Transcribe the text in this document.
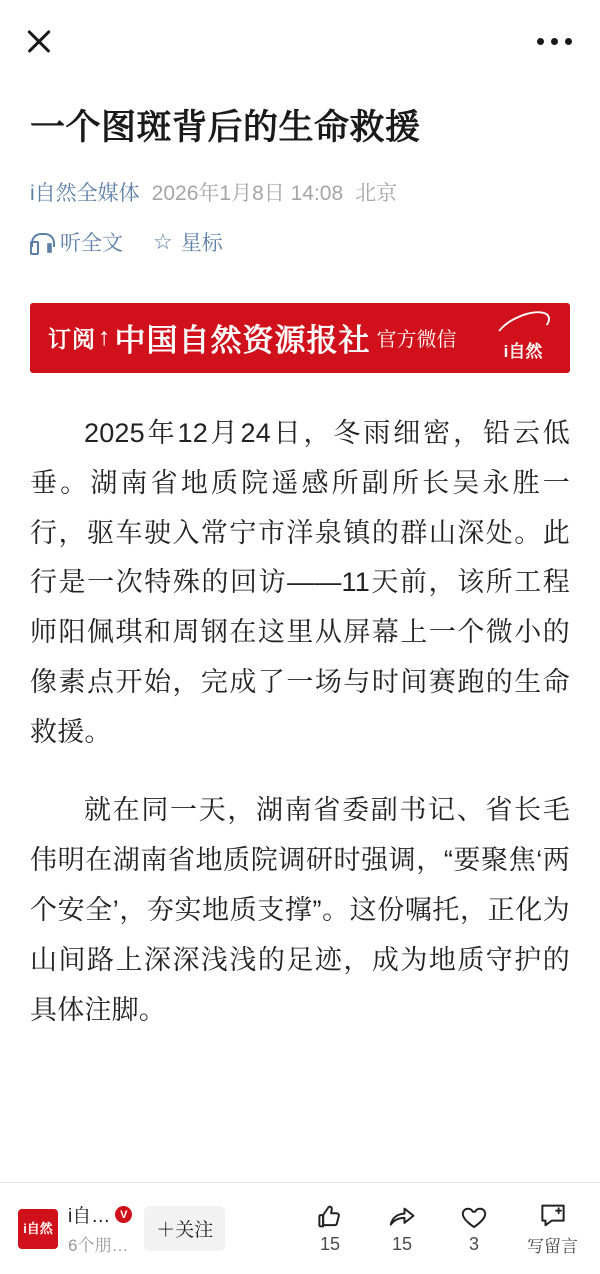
一个图斑背后的生命救援
i自然全媒体 2026年1月8日 14:08 北京
听全文 ☆ 星标
订阅 ↑ 中国自然资源报社 官方微信
i自然

2025年12月24日，冬雨细密，铅云低垂。湖南省地质院遥感所副所长吴永胜一行，驱车驶入常宁市洋泉镇的群山深处。此行是一次特殊的回访——11天前，该所工程师阳佩琪和周钢在这里从屏幕上一个微小的像素点开始，完成了一场与时间赛跑的生命救援。

就在同一天，湖南省委副书记、省长毛伟明在湖南省地质院调研时强调，“要聚焦‘两个安全’，夯实地质支撑”。这份嘱托，正化为山间路上深深浅浅的足迹，成为地质守护的具体注脚。

i自然
i自… V
6个朋…
＋关注
15	15	3	写留言
